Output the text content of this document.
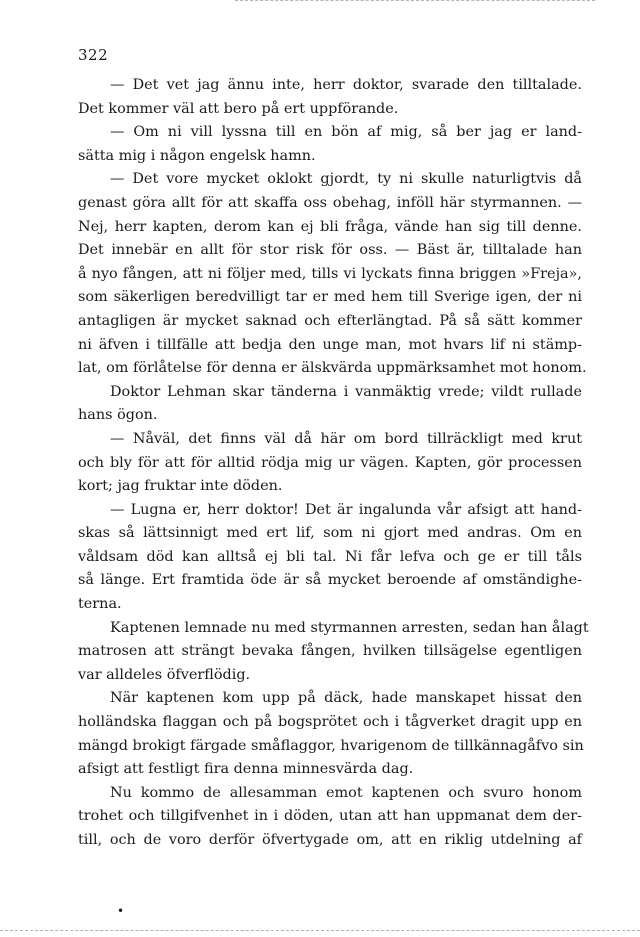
322
— Det vet jag ännu inte, herr doktor, svarade den tilltalade.
Det kommer väl att bero på ert uppförande.
— Om ni vill lyssna till en bön af mig, så ber jag er land-
sätta mig i någon engelsk hamn.
— Det vore mycket oklokt gjordt, ty ni skulle naturligtvis då
genast göra allt för att skaffa oss obehag, inföll här styrmannen. —
Nej, herr kapten, derom kan ej bli fråga, vände han sig till denne.
Det innebär en allt för stor risk för oss. — Bäst är, tilltalade han
å nyo fången, att ni följer med, tills vi lyckats finna briggen »Freja»,
som säkerligen beredvilligt tar er med hem till Sverige igen, der ni
antagligen är mycket saknad och efterlängtad. På så sätt kommer
ni äfven i tillfälle att bedja den unge man, mot hvars lif ni stämp-
lat, om förlåtelse för denna er älskvärda uppmärksamhet mot honom.
Doktor Lehman skar tänderna i vanmäktig vrede; vildt rullade
hans ögon.
— Nåväl, det finns väl då här om bord tillräckligt med krut
och bly för att för alltid rödja mig ur vägen. Kapten, gör processen
kort; jag fruktar inte döden.
— Lugna er, herr doktor! Det är ingalunda vår afsigt att hand-
skas så lättsinnigt med ert lif, som ni gjort med andras. Om en
våldsam död kan alltså ej bli tal. Ni får lefva och ge er till tåls
så länge. Ert framtida öde är så mycket beroende af omständighe-
terna.
Kaptenen lemnade nu med styrmannen arresten, sedan han ålagt
matrosen att strängt bevaka fången, hvilken tillsägelse egentligen
var alldeles öfverflödig.
När kaptenen kom upp på däck, hade manskapet hissat den
holländska flaggan och på bogsprötet och i tågverket dragit upp en
mängd brokigt färgade småflaggor, hvarigenom de tillkännagåfvo sin
afsigt att festligt fira denna minnesvärda dag.
Nu kommo de allesamman emot kaptenen och svuro honom
trohet och tillgifvenhet in i döden, utan att han uppmanat dem der-
till, och de voro derför öfvertygade om, att en riklig utdelning af
•
